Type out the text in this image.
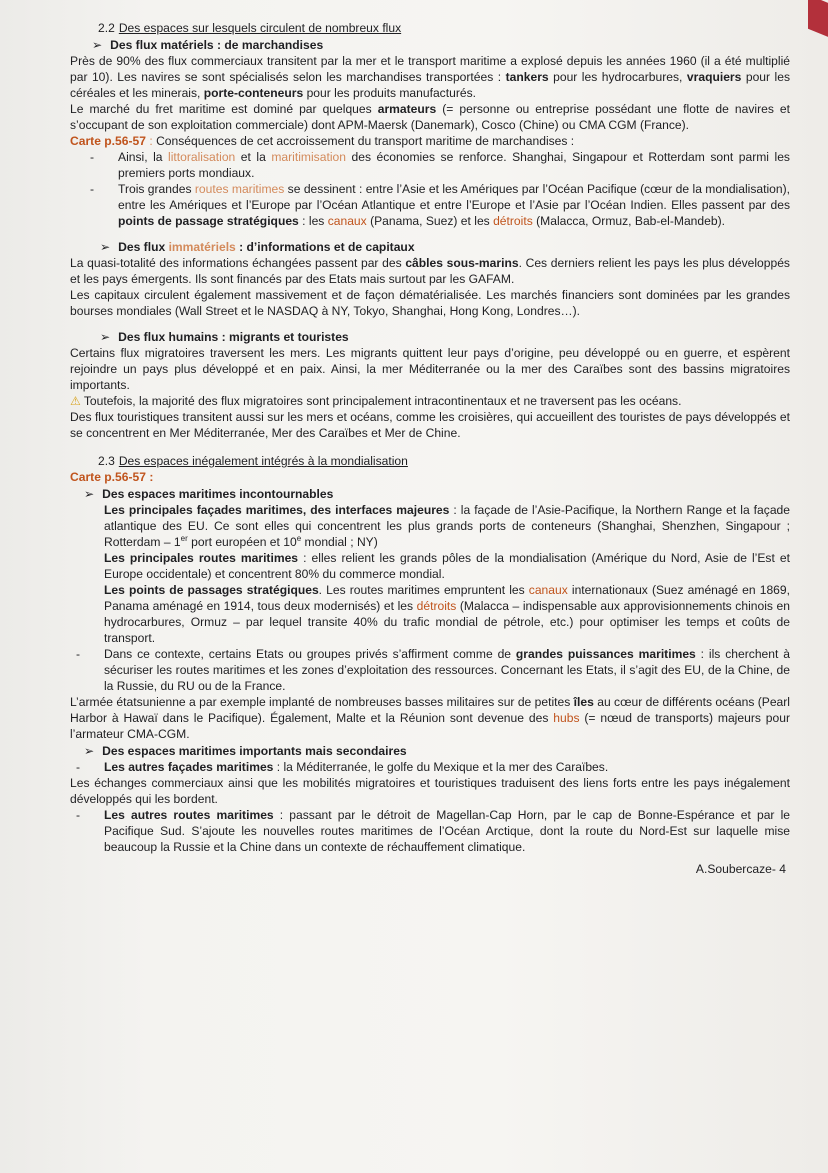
2.2 Des espaces sur lesquels circulent de nombreux flux
➢ Des flux matériels : de marchandises

Près de 90% des flux commerciaux transitent par la mer et le transport maritime a explosé depuis les années 1960 (il a été multiplié par 10). Les navires se sont spécialisés selon les marchandises transportées : tankers pour les hydrocarbures, vraquiers pour les céréales et les minerais, porte-conteneurs pour les produits manufacturés.

Le marché du fret maritime est dominé par quelques armateurs (= personne ou entreprise possédant une flotte de navires et s’occupant de son exploitation commerciale) dont APM-Maersk (Danemark), Cosco (Chine) ou CMA CGM (France).

Carte p.56-57 : Conséquences de cet accroissement du transport maritime de marchandises :

- Ainsi, la littoralisation et la maritimisation des économies se renforce. Shanghai, Singapour et Rotterdam sont parmi les premiers ports mondiaux.
- Trois grandes routes maritimes se dessinent : entre l’Asie et les Amériques par l’Océan Pacifique (cœur de la mondialisation), entre les Amériques et l’Europe par l’Océan Atlantique et entre l’Europe et l’Asie par l’Océan Indien. Elles passent par des points de passage stratégiques : les canaux (Panama, Suez) et les détroits (Malacca, Ormuz, Bab-el-Mandeb).
➢ Des flux immatériels : d’informations et de capitaux

La quasi-totalité des informations échangées passent par des câbles sous-marins. Ces derniers relient les pays les plus développés et les pays émergents. Ils sont financés par des Etats mais surtout par les GAFAM.

Les capitaux circulent également massivement et de façon dématérialisée. Les marchés financiers sont dominées par les grandes bourses mondiales (Wall Street et le NASDAQ à NY, Tokyo, Shanghai, Hong Kong, Londres…).

➢ Des flux humains : migrants et touristes

Certains flux migratoires traversent les mers. Les migrants quittent leur pays d’origine, peu développé ou en guerre, et espèrent rejoindre un pays plus développé et en paix. Ainsi, la mer Méditerranée ou la mer des Caraïbes sont des bassins migratoires importants.

⚠ Toutefois, la majorité des flux migratoires sont principalement intracontinentaux et ne traversent pas les océans.

Des flux touristiques transitent aussi sur les mers et océans, comme les croisières, qui accueillent des touristes de pays développés et se concentrent en Mer Méditerranée, Mer des Caraïbes et Mer de Chine.

2.3 Des espaces inégalement intégrés à la mondialisation

Carte p.56-57 :

➢ Des espaces maritimes incontournables
Les principales façades maritimes, des interfaces majeures : la façade de l’Asie-Pacifique, la Northern Range et la façade atlantique des EU. Ce sont elles qui concentrent les plus grands ports de conteneurs (Shanghai, Shenzhen, Singapour ; Rotterdam – 1er port européen et 10e mondial ; NY)
Les principales routes maritimes : elles relient les grands pôles de la mondialisation (Amérique du Nord, Asie de l’Est et Europe occidentale) et concentrent 80% du commerce mondial.
Les points de passages stratégiques. Les routes maritimes empruntent les canaux internationaux (Suez aménagé en 1869, Panama aménagé en 1914, tous deux modernisés) et les détroits (Malacca – indispensable aux approvisionnements chinois en hydrocarbures, Ormuz – par lequel transite 40% du trafic mondial de pétrole, etc.) pour optimiser les temps et coûts de transport.
- Dans ce contexte, certains Etats ou groupes privés s’affirment comme de grandes puissances maritimes : ils cherchent à sécuriser les routes maritimes et les zones d’exploitation des ressources. Concernant les Etats, il s’agit des EU, de la Chine, de la Russie, du RU ou de la France.

L’armée étatsunienne a par exemple implanté de nombreuses basses militaires sur de petites îles au cœur de différents océans (Pearl Harbor à Hawaï dans le Pacifique). Également, Malte et la Réunion sont devenue des hubs (= nœud de transports) majeurs pour l’armateur CMA-CGM.

➢ Des espaces maritimes importants mais secondaires
- Les autres façades maritimes : la Méditerranée, le golfe du Mexique et la mer des Caraïbes.

Les échanges commerciaux ainsi que les mobilités migratoires et touristiques traduisent des liens forts entre les pays inégalement développés qui les bordent.

- Les autres routes maritimes : passant par le détroit de Magellan-Cap Horn, par le cap de Bonne-Espérance et par le Pacifique Sud. S’ajoute les nouvelles routes maritimes de l’Océan Arctique, dont la route du Nord-Est sur laquelle mise beaucoup la Russie et la Chine dans un contexte de réchauffement climatique.
A.Soubercaze- 4
